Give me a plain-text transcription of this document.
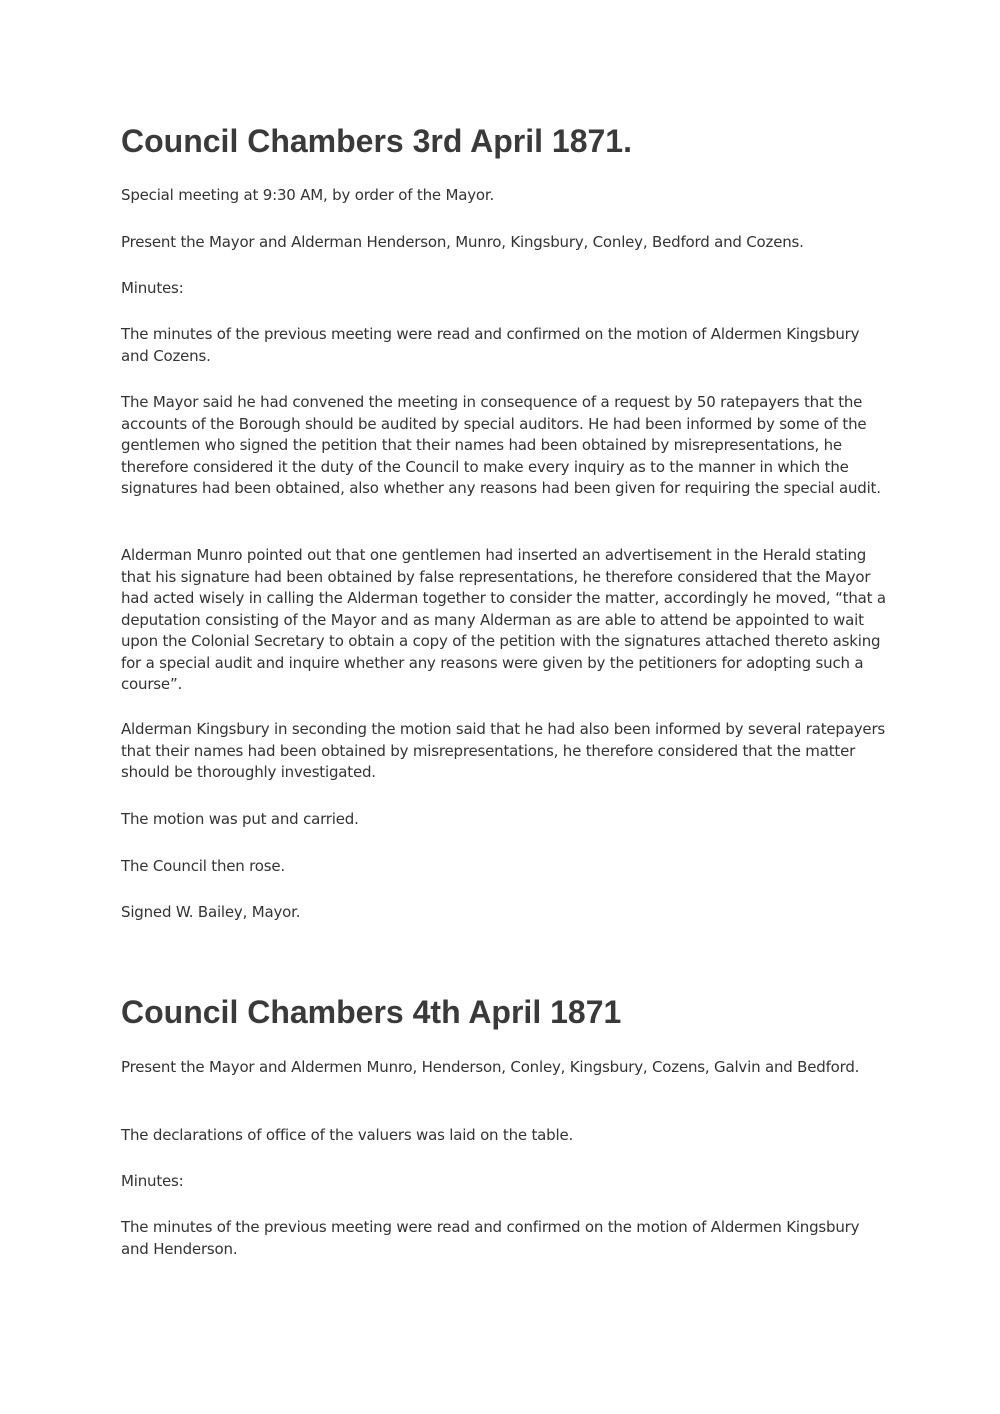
Council Chambers 3rd April 1871.

Special meeting at 9:30 AM, by order of the Mayor.

Present the Mayor and Alderman Henderson, Munro, Kingsbury, Conley, Bedford and Cozens.

Minutes:

The minutes of the previous meeting were read and confirmed on the motion of Aldermen Kingsbury and Cozens.

The Mayor said he had convened the meeting in consequence of a request by 50 ratepayers that the accounts of the Borough should be audited by special auditors. He had been informed by some of the gentlemen who signed the petition that their names had been obtained by misrepresentations, he therefore considered it the duty of the Council to make every inquiry as to the manner in which the signatures had been obtained, also whether any reasons had been given for requiring the special audit.

Alderman Munro pointed out that one gentlemen had inserted an advertisement in the Herald stating that his signature had been obtained by false representations, he therefore considered that the Mayor had acted wisely in calling the Alderman together to consider the matter, accordingly he moved, “that a deputation consisting of the Mayor and as many Alderman as are able to attend be appointed to wait upon the Colonial Secretary to obtain a copy of the petition with the signatures attached thereto asking for a special audit and inquire whether any reasons were given by the petitioners for adopting such a course”.

Alderman Kingsbury in seconding the motion said that he had also been informed by several ratepayers that their names had been obtained by misrepresentations, he therefore considered that the matter should be thoroughly investigated.

The motion was put and carried.

The Council then rose.

Signed W. Bailey, Mayor.

Council Chambers 4th April 1871

Present the Mayor and Aldermen Munro, Henderson, Conley, Kingsbury, Cozens, Galvin and Bedford.

The declarations of office of the valuers was laid on the table.

Minutes:

The minutes of the previous meeting were read and confirmed on the motion of Aldermen Kingsbury and Henderson.
